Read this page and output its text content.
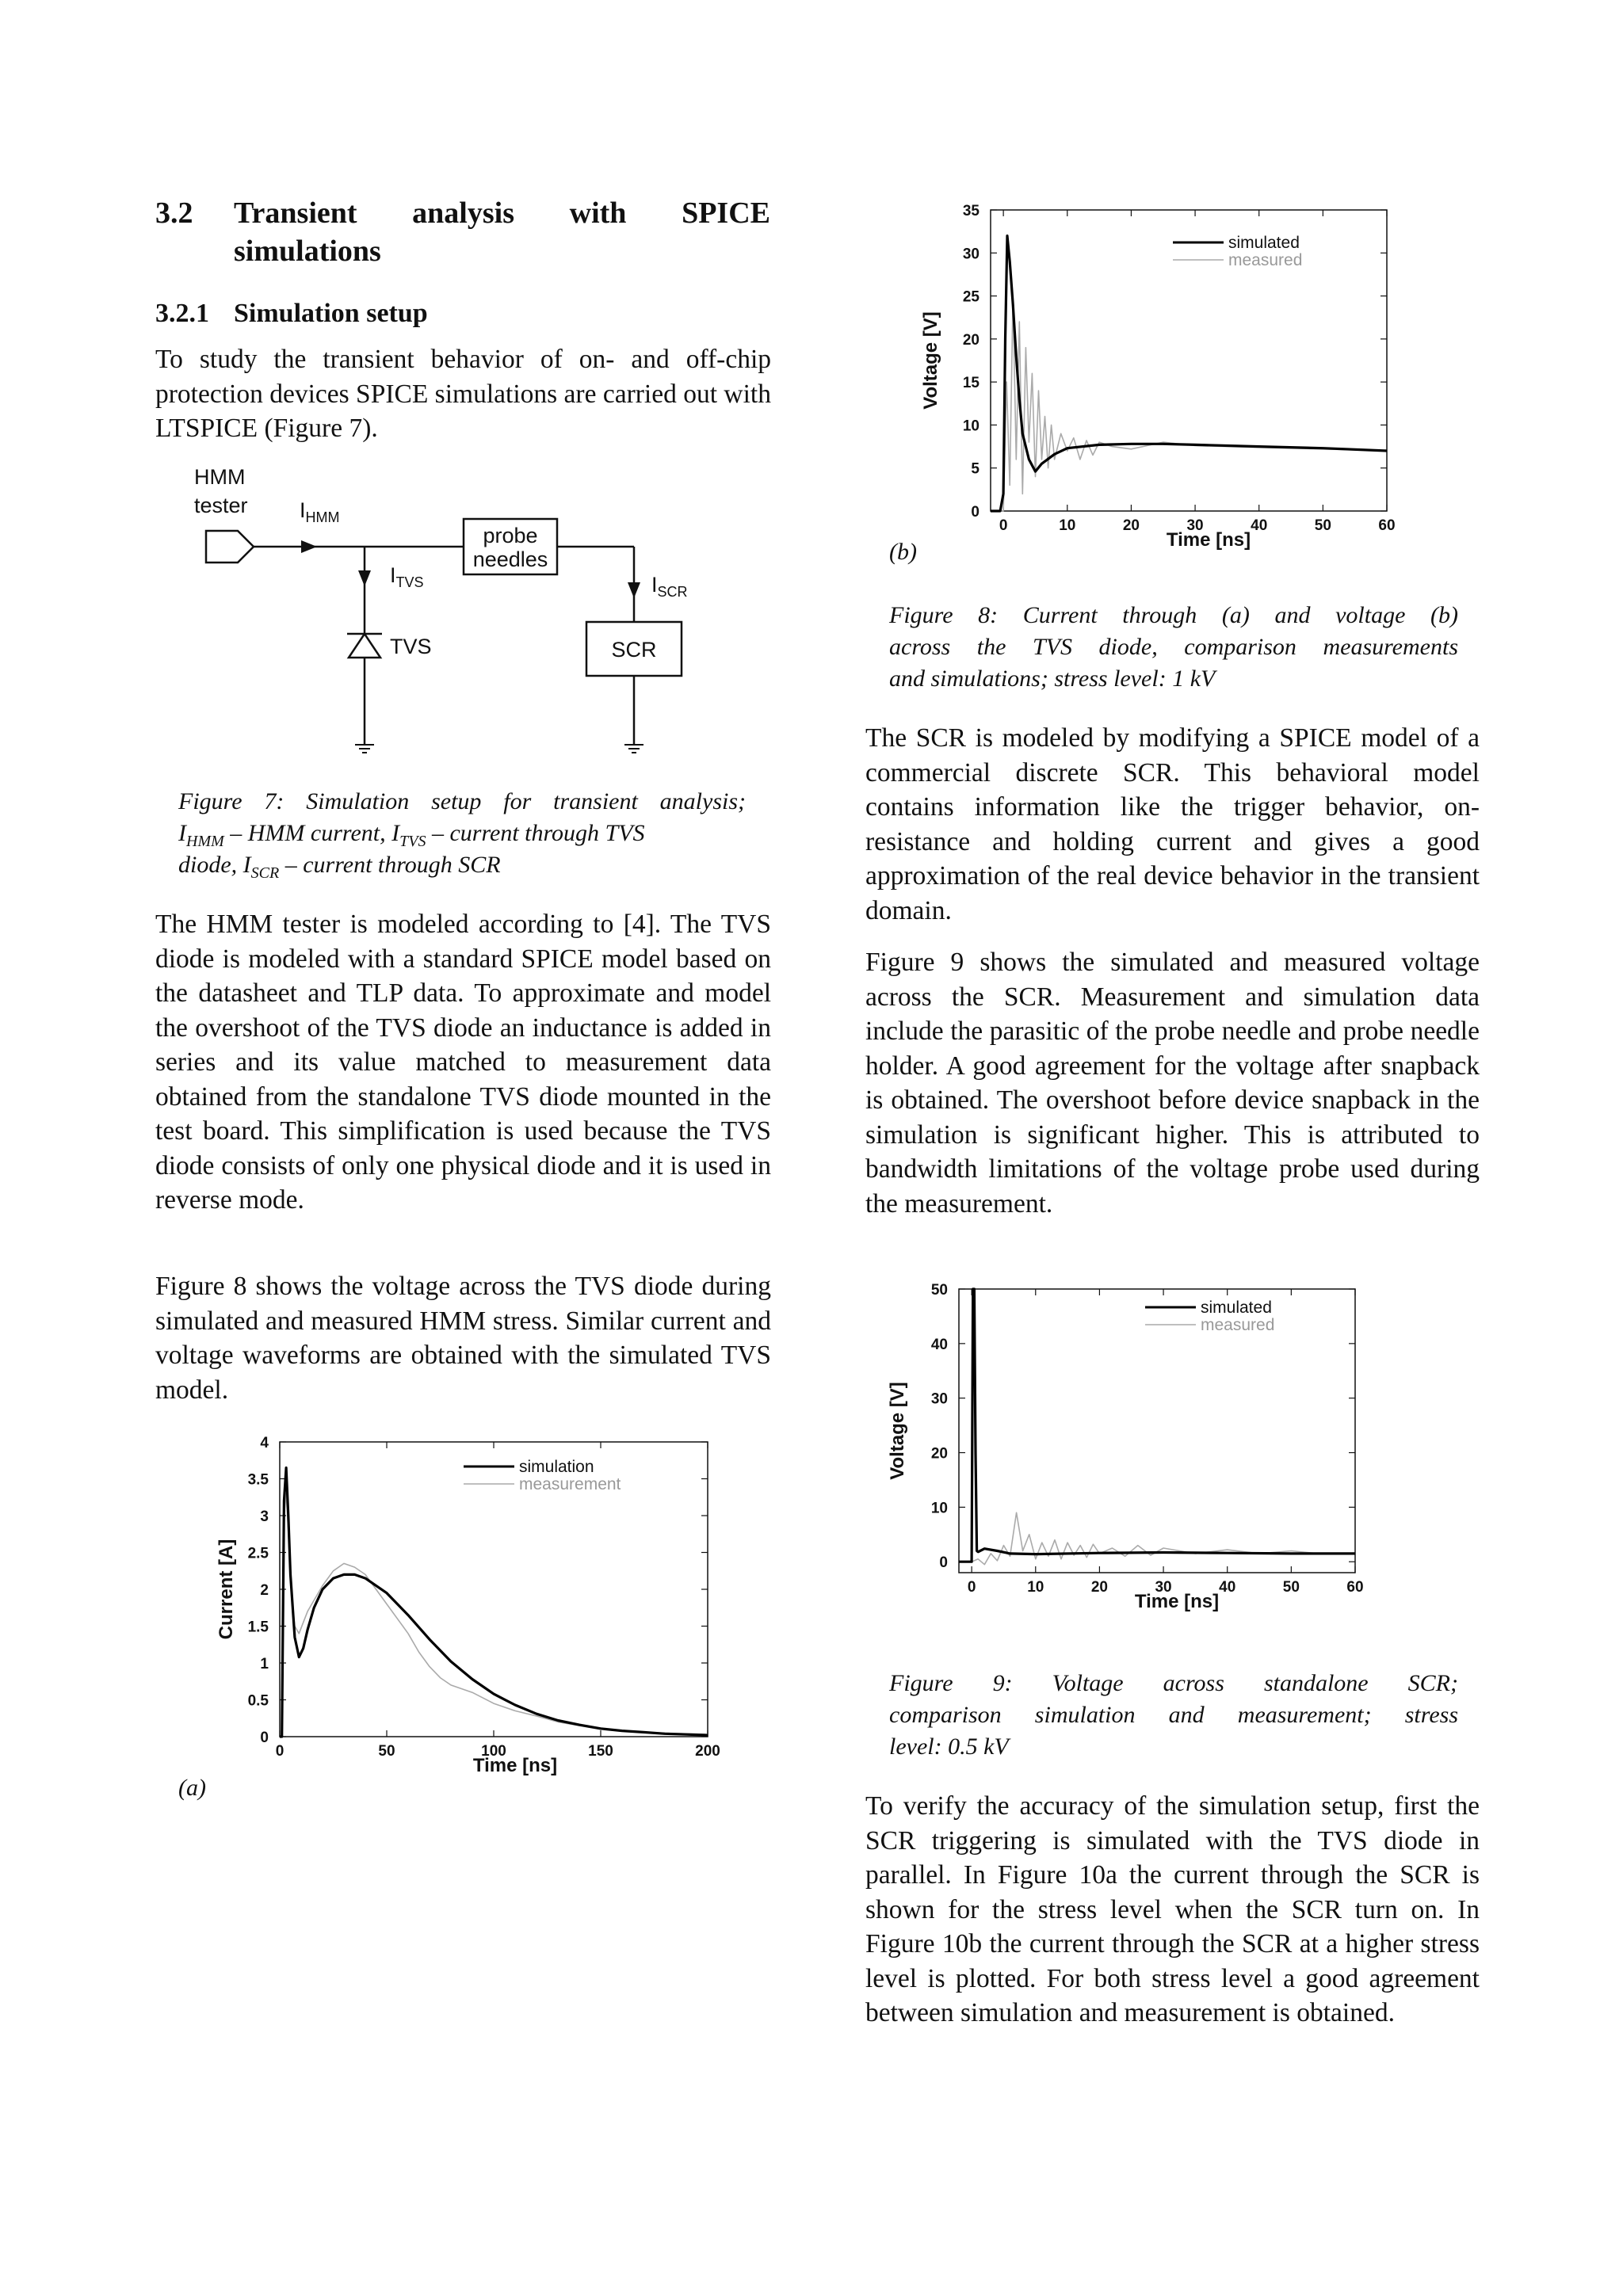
3.2 Transient analysis with SPICE
simulations
3.2.1 Simulation setup

To study the transient behavior of on- and off-chip protection devices SPICE simulations are carried out with LTSPICE (Figure 7).

HMM
tester $I_{HMM}$
$I_{TVS}$	$I_{SCR}$
probe
needles
TVS	SCR
Figure 7: Simulation setup for transient analysis;
$I_{HMM}$ – HMM current, $I_{TVS}$ – current through TVS
diode, $I_{SCR}$ – current through SCR

The HMM tester is modeled according to [4]. The TVS diode is modeled with a standard SPICE model based on the datasheet and TLP data. To approximate and model the overshoot of the TVS diode an inductance is added in series and its value matched to measurement data obtained from the standalone TVS diode mounted in the test board. This simplification is used because the TVS diode consists of only one physical diode and it is used in reverse mode.

Figure 8 shows the voltage across the TVS diode during simulated and measured HMM stress. Similar current and voltage waveforms are obtained with the simulated TVS model.

0
0.5
1
1.5
2
2.5
3
3.5
4
0	50	100	150	200
Time [ns]
Current [A]
simulation
measurement
(a)
0
5
10
15
20
25
30
35
0	10	20	30	40	50	60
Time [ns]
Voltage [V]
simulated
measured
(b)
Figure 8: Current through (a) and voltage (b)
across the TVS diode, comparison measurements
and simulations; stress level: 1 kV

The SCR is modeled by modifying a SPICE model of a commercial discrete SCR. This behavioral model contains information like the trigger behavior, on-resistance and holding current and gives a good approximation of the real device behavior in the transient domain.

Figure 9 shows the simulated and measured voltage across the SCR. Measurement and simulation data include the parasitic of the probe needle and probe needle holder. A good agreement for the voltage after snapback is obtained. The overshoot before device snapback in the simulation is significant higher. This is attributed to bandwidth limitations of the voltage probe used during the measurement.

0
10
20
30
40
50
0	10	20	30	40	50	60
Time [ns]
Voltage [V]
simulated
measured
Figure 9: Voltage across standalone SCR;
comparison simulation and measurement; stress
level: 0.5 kV

To verify the accuracy of the simulation setup, first the SCR triggering is simulated with the TVS diode in parallel. In Figure 10a the current through the SCR is shown for the stress level when the SCR turn on. In Figure 10b the current through the SCR at a higher stress level is plotted. For both stress level a good agreement between simulation and measurement is obtained.
